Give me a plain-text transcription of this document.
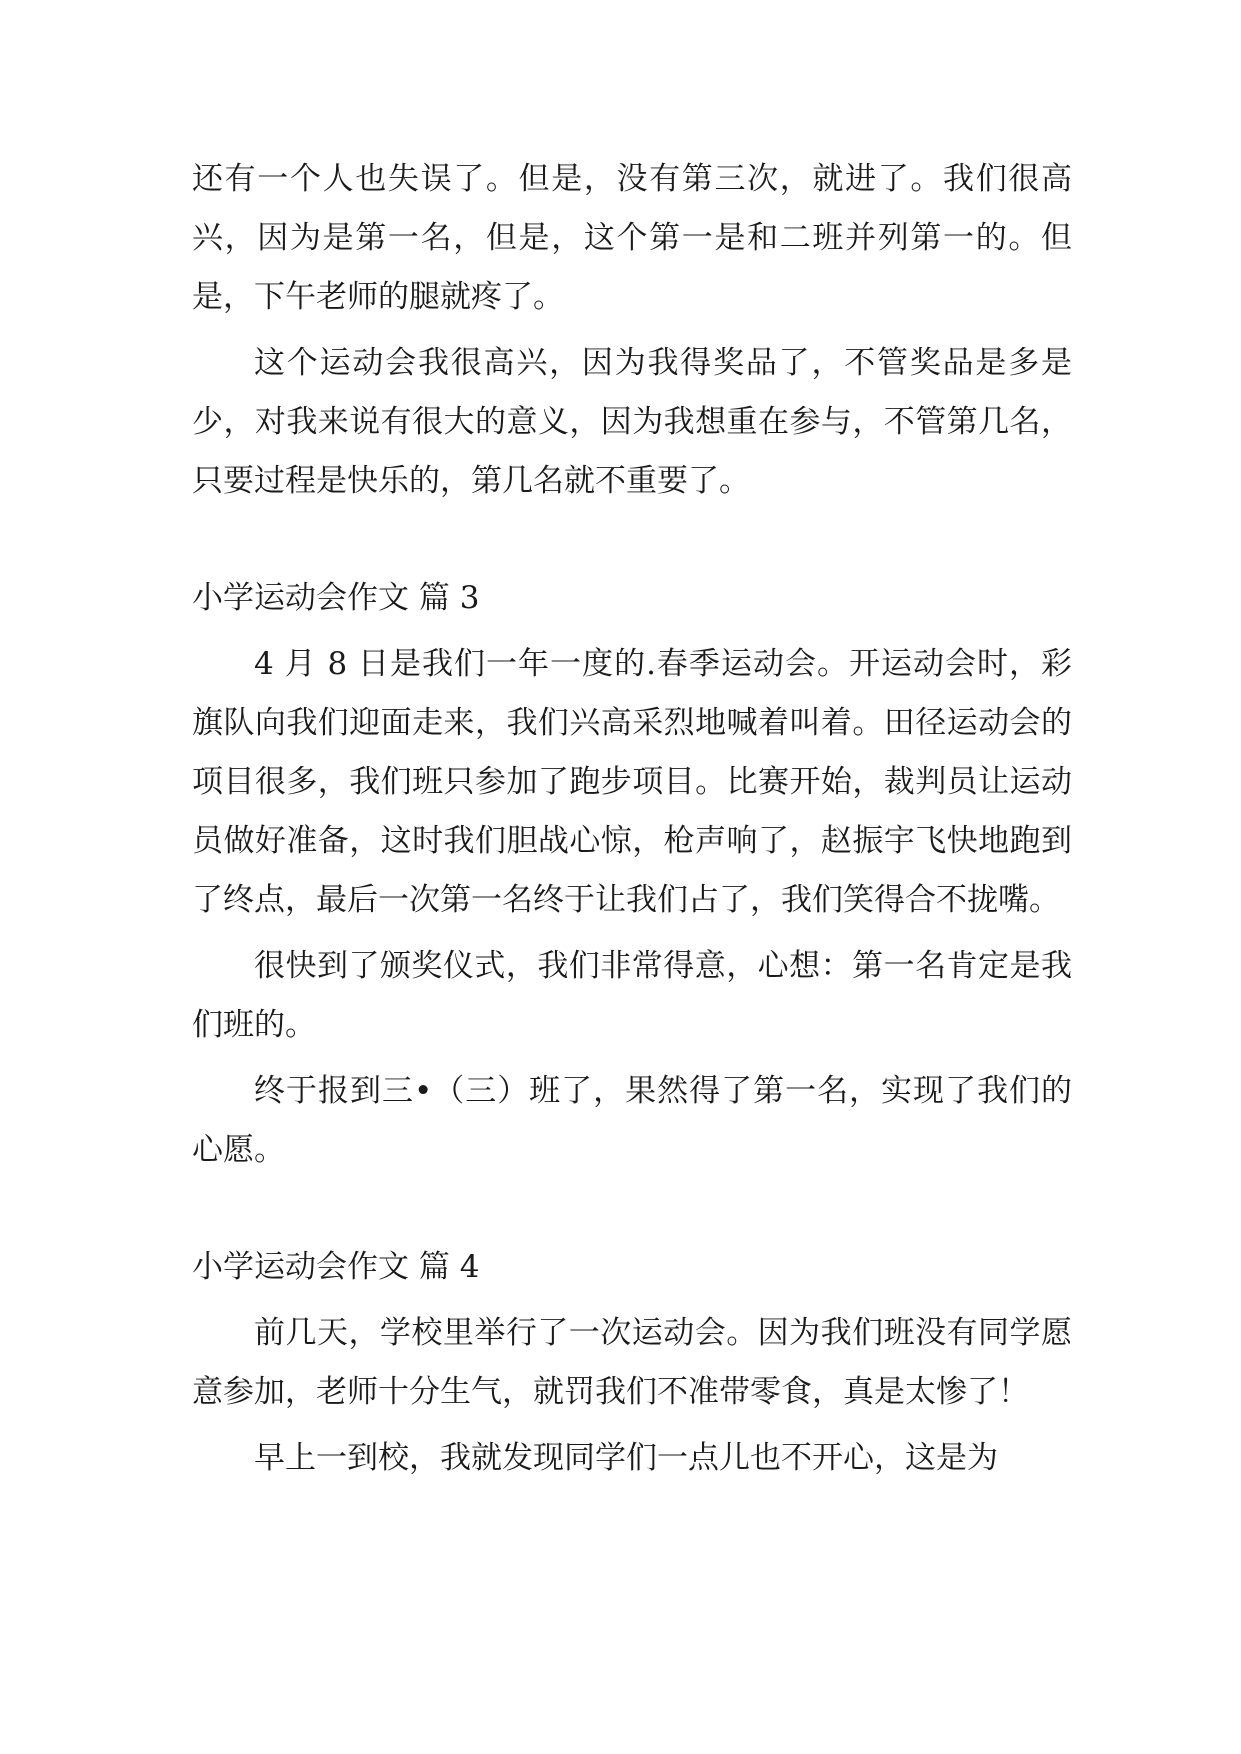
还有一个人也失误了。但是，没有第三次，就进了。我们很高兴，因为是第一名，但是，这个第一是和二班并列第一的。但是，下午老师的腿就疼了。

这个运动会我很高兴，因为我得奖品了，不管奖品是多是少，对我来说有很大的意义，因为我想重在参与，不管第几名，只要过程是快乐的，第几名就不重要了。

小学运动会作文 篇 3

4 月 8 日是我们一年一度的.春季运动会。开运动会时，彩旗队向我们迎面走来，我们兴高采烈地喊着叫着。田径运动会的项目很多，我们班只参加了跑步项目。比赛开始，裁判员让运动员做好准备，这时我们胆战心惊，枪声响了，赵振宇飞快地跑到了终点，最后一次第一名终于让我们占了，我们笑得合不拢嘴。

很快到了颁奖仪式，我们非常得意，心想：第一名肯定是我们班的。

终于报到三•（三）班了，果然得了第一名，实现了我们的心愿。

小学运动会作文 篇 4

前几天，学校里举行了一次运动会。因为我们班没有同学愿意参加，老师十分生气，就罚我们不准带零食，真是太惨了！

早上一到校，我就发现同学们一点儿也不开心，这是为
